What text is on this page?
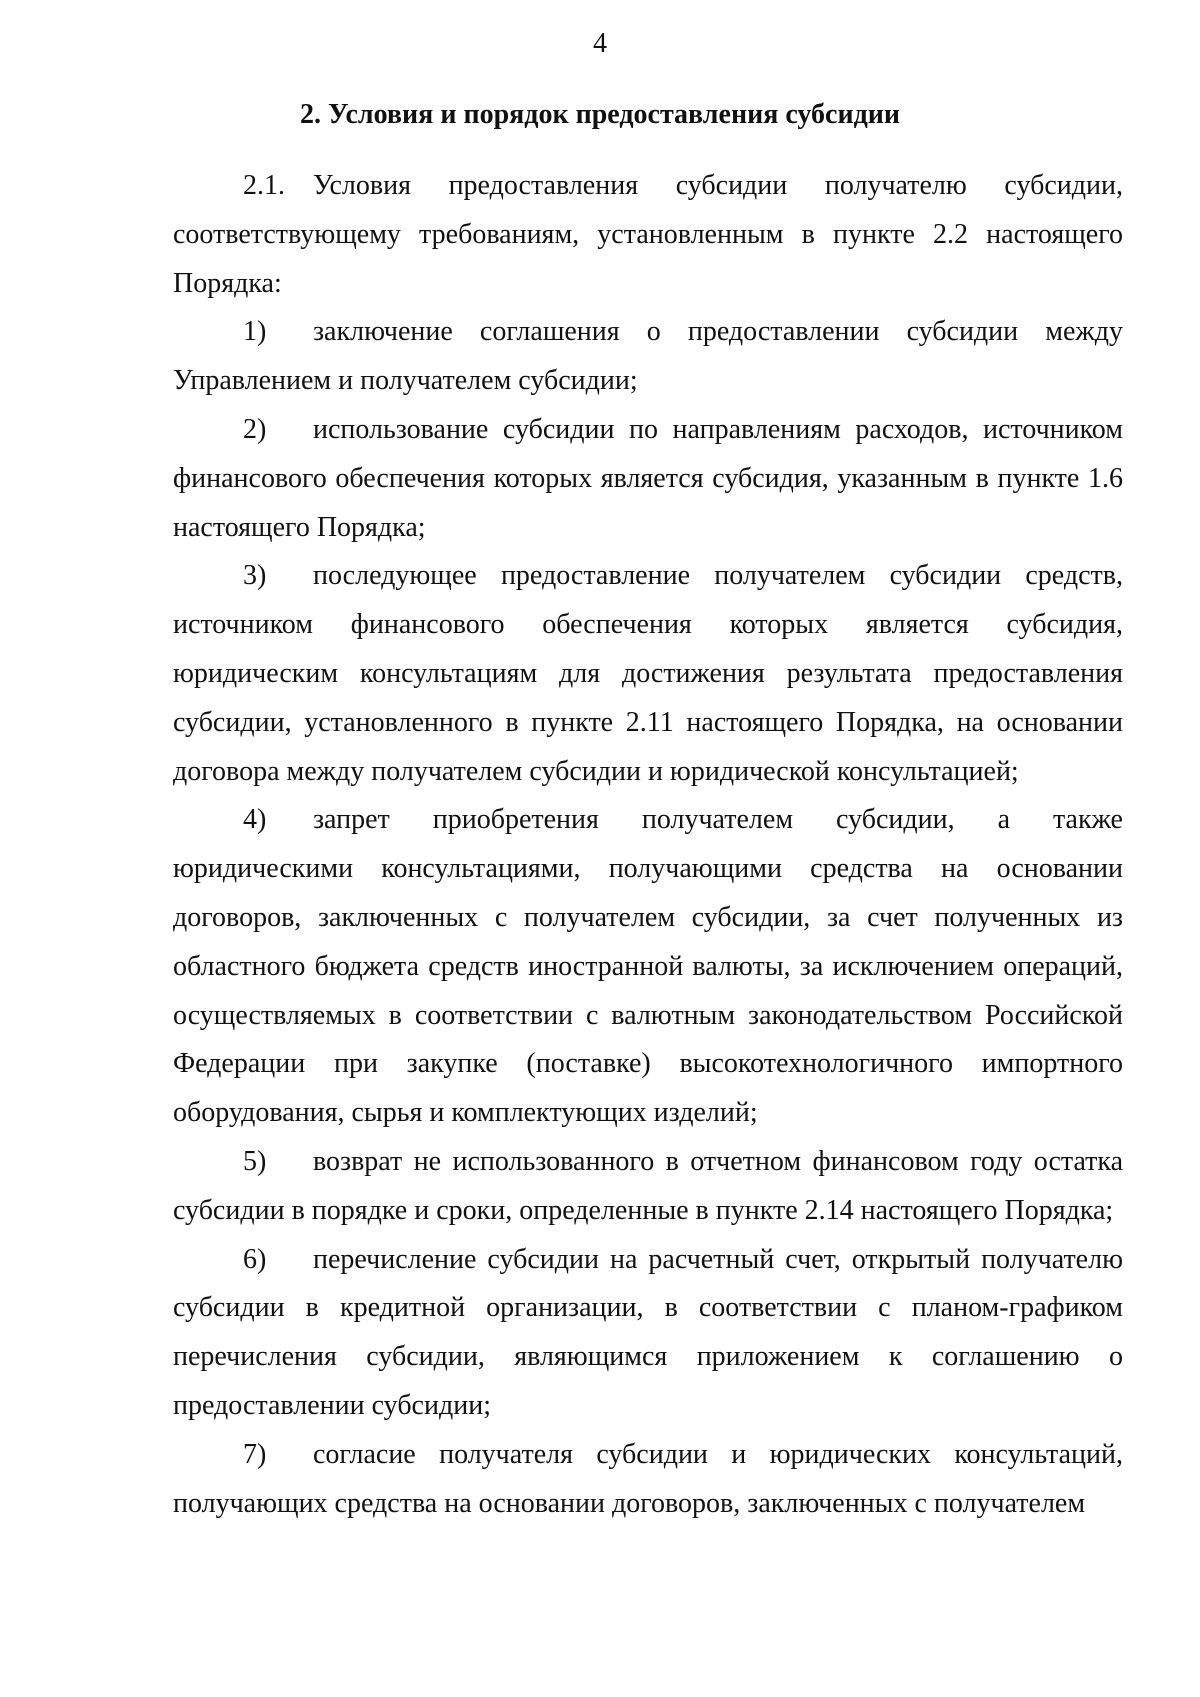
4
2. Условия и порядок предоставления субсидии

2.1. Условия предоставления субсидии получателю субсидии, соответствующему требованиям, установленным в пункте 2.2 настоящего Порядка:

1) заключение соглашения о предоставлении субсидии между Управлением и получателем субсидии;

2) использование субсидии по направлениям расходов, источником финансового обеспечения которых является субсидия, указанным в пункте 1.6 настоящего Порядка;

3) последующее предоставление получателем субсидии средств, источником финансового обеспечения которых является субсидия, юридическим консультациям для достижения результата предоставления субсидии, установленного в пункте 2.11 настоящего Порядка, на основании договора между получателем субсидии и юридической консультацией;

4) запрет приобретения получателем субсидии, а также юридическими консультациями, получающими средства на основании договоров, заключенных с получателем субсидии, за счет полученных из областного бюджета средств иностранной валюты, за исключением операций, осуществляемых в соответствии с валютным законодательством Российской Федерации при закупке (поставке) высокотехнологичного импортного оборудования, сырья и комплектующих изделий;

5) возврат не использованного в отчетном финансовом году остатка субсидии в порядке и сроки, определенные в пункте 2.14 настоящего Порядка;

6) перечисление субсидии на расчетный счет, открытый получателю субсидии в кредитной организации, в соответствии с планом-графиком перечисления субсидии, являющимся приложением к соглашению о предоставлении субсидии;

7) согласие получателя субсидии и юридических консультаций, получающих средства на основании договоров, заключенных с получателем
